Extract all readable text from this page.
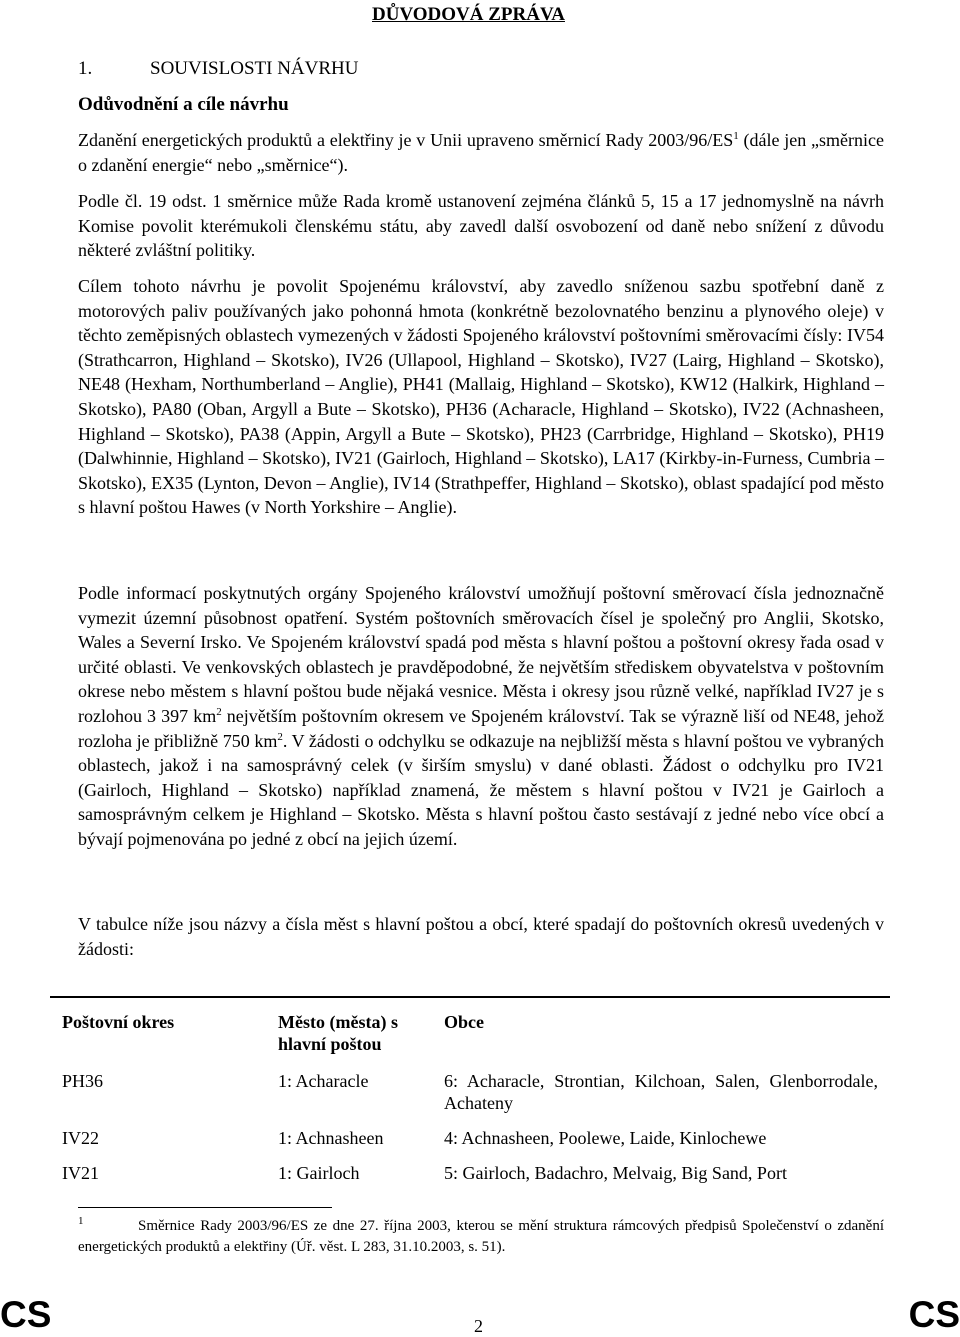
DŮVODOVÁ ZPRÁVA
1.	SOUVISLOSTI NÁVRHU
Odůvodnění a cíle návrhu

Zdanění energetických produktů a elektřiny je v Unii upraveno směrnicí Rady $2003/96/ES^1$ (dále jen „směrnice o zdanění energie“ nebo „směrnice“).

Podle čl. 19 odst. 1 směrnice může Rada kromě ustanovení zejména článků 5, 15 a 17 jednomyslně na návrh Komise povolit kterémukoli členskému státu, aby zavedl další osvobození od daně nebo snížení z důvodu některé zvláštní politiky.

Cílem tohoto návrhu je povolit Spojenému království, aby zavedlo sníženou sazbu spotřební daně z motorových paliv používaných jako pohonná hmota (konkrétně bezolovnatého benzinu a plynového oleje) v těchto zeměpisných oblastech vymezených v žádosti Spojeného království poštovními směrovacími čísly: IV54 (Strathcarron, Highland – Skotsko), IV26 (Ullapool, Highland – Skotsko), IV27 (Lairg, Highland – Skotsko), NE48 (Hexham, Northumberland – Anglie), PH41 (Mallaig, Highland – Skotsko), KW12 (Halkirk, Highland – Skotsko), PA80 (Oban, Argyll a Bute – Skotsko), PH36 (Acharacle, Highland – Skotsko), IV22 (Achnasheen, Highland – Skotsko), PA38 (Appin, Argyll a Bute – Skotsko), PH23 (Carrbridge, Highland – Skotsko), PH19 (Dalwhinnie, Highland – Skotsko), IV21 (Gairloch, Highland – Skotsko), LA17 (Kirkby-in-Furness, Cumbria – Skotsko), EX35 (Lynton, Devon – Anglie), IV14 (Strathpeffer, Highland – Skotsko), oblast spadající pod město s hlavní poštou Hawes (v North Yorkshire – Anglie).

Podle informací poskytnutých orgány Spojeného království umožňují poštovní směrovací čísla jednoznačně vymezit územní působnost opatření. Systém poštovních směrovacích čísel je společný pro Anglii, Skotsko, Wales a Severní Irsko. Ve Spojeném království spadá pod města s hlavní poštou a poštovní okresy řada osad v určité oblasti. Ve venkovských oblastech je pravděpodobné, že největším střediskem obyvatelstva v poštovním okrese nebo městem s hlavní poštou bude nějaká vesnice. Města i okresy jsou různě velké, například IV27 je s rozlohou 3 397 $km^2$ největším poštovním okresem ve Spojeném království. Tak se výrazně liší od NE48, jehož rozloha je přibližně 750 $km^2$. V žádosti o odchylku se odkazuje na nejbližší města s hlavní poštou ve vybraných oblastech, jakož i na samosprávný celek (v širším smyslu) v dané oblasti. Žádost o odchylku pro IV21 (Gairloch, Highland – Skotsko) například znamená, že městem s hlavní poštou v IV21 je Gairloch a samosprávným celkem je Highland – Skotsko. Města s hlavní poštou často sestávají z jedné nebo více obcí a bývají pojmenována po jedné z obcí na jejich území.

V tabulce níže jsou názvy a čísla měst s hlavní poštou a obcí, které spadají do poštovních okresů uvedených v žádosti:

Poštovní okres	Město (města) s hlavní poštou	Obce
PH36	1: Acharacle	6: Acharacle, Strontian, Kilchoan, Salen, Glenborrodale, Achateny
IV22	1: Achnasheen	4: Achnasheen, Poolewe, Laide, Kinlochewe
IV21	1: Gairloch	5: Gairloch, Badachro, Melvaig, Big Sand, Port

$^1$	Směrnice Rady 2003/96/ES ze dne 27. října 2003, kterou se mění struktura rámcových předpisů Společenství o zdanění energetických produktů a elektřiny (Úř. věst. L 283, 31.10.2003, s. 51).

CS	2	CS
